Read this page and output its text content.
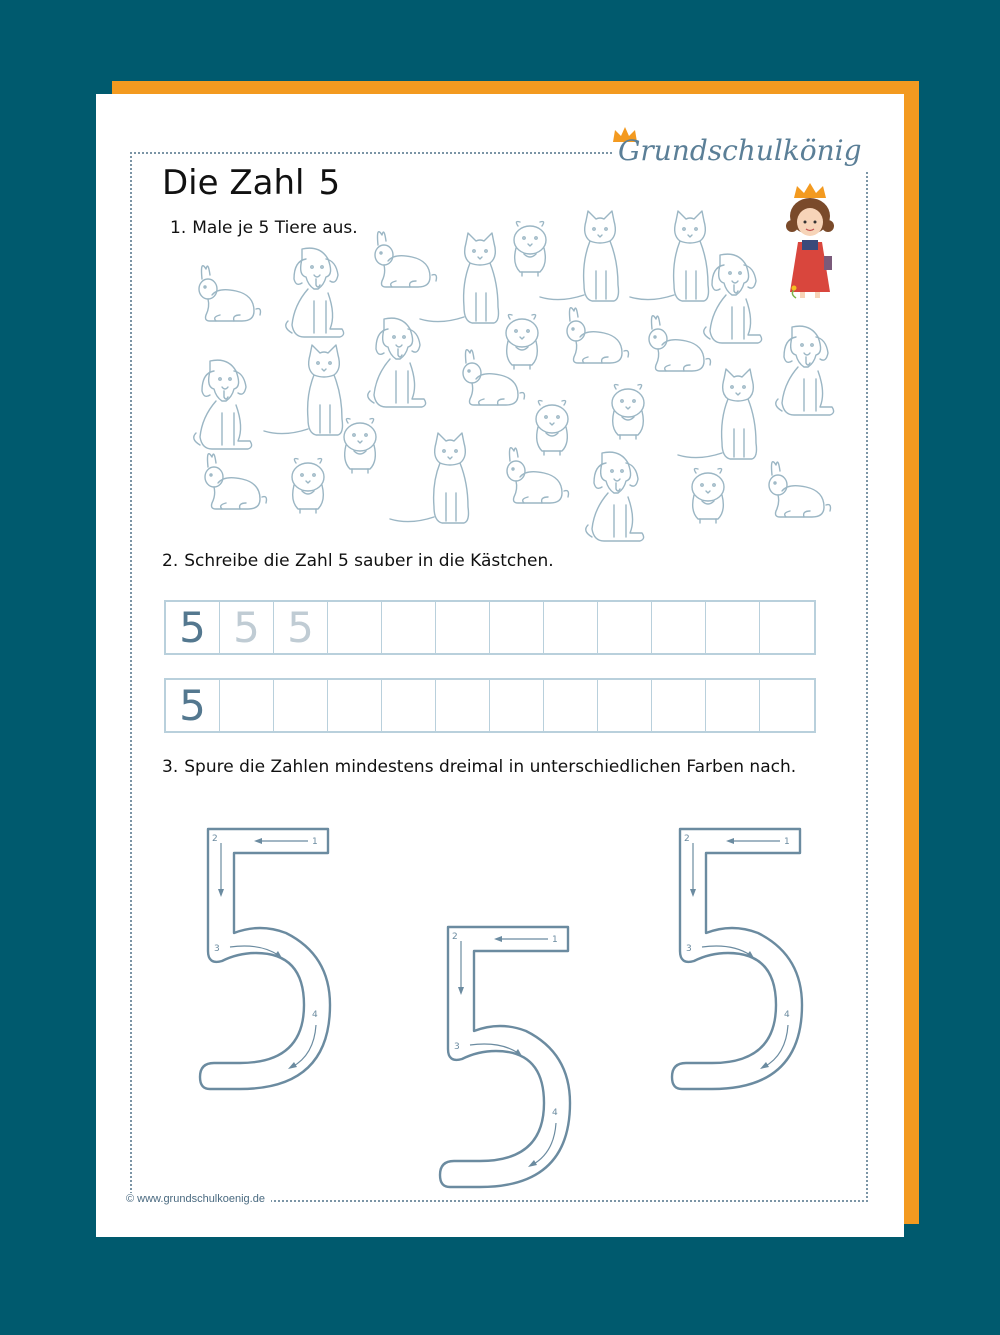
Grundschulkönig
Die Zahl 5
1. Male je 5 Tiere aus.
2. Schreibe die Zahl 5 sauber in die Kästchen.
5 5 5
5
3. Spure die Zahlen mindestens dreimal in unterschiedlichen Farben nach.
1
2
3
4
© www.grundschulkoenig.de
